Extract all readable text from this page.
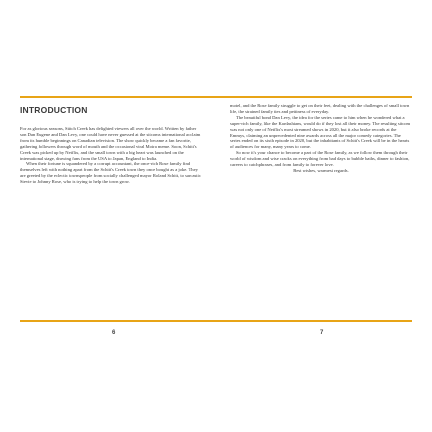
INTRODUCTION

For as glorious seasons, Stitch Creek has delighted viewers all over the world. Written by father son Dan Eugene and Dan Levy, one could have never guessed at the sitcoms international acclaim from its humble beginnings on Canadian television. The show quickly became a fan favorite, gathering followers through word of mouth and the occasional viral Moira meme. Soon, Schitt's Creek was picked up by Netflix, and the small town with a big heart was launched on the international stage, drawing fans from the USA to Japan, England to India.

When their fortune is squandered by a corrupt accountant, the once-rich Rose family find themselves left with nothing apart from the Schitt's Creek town they once bought as a joke. They are greeted by the eclectic townspeople from socially challenged mayor Roland Schitt, to sarcastic Stevie to Johnny Rose, who is trying to help the town grow.

motel, and the Rose family struggle to get on their feet, dealing with the challenges of small town life, the strained family ties and pettiness of everyday.

The beautiful bond Dan Levy, the idea for the series came to him when he wondered what a super-rich family, like the Kardashians, would do if they lost all their money. The resulting sitcom was not only one of Netflix's most streamed shows in 2020, but it also broke records at the Emmys, claiming an unprecedented nine awards across all the major comedy categories. The series ended on its sixth episode in 2020, but the inhabitants of Schitt's Creek will be in the hearts of audiences for many, many years to come.

So now it's your chance to become a part of the Rose family, as we follow them through their world of wisdom and wise cracks on everything from bad days to bubble baths, dinner to fashion, careers to catchphrases, and from family to forever love.

Best wishes, warmest regards.

6	7
